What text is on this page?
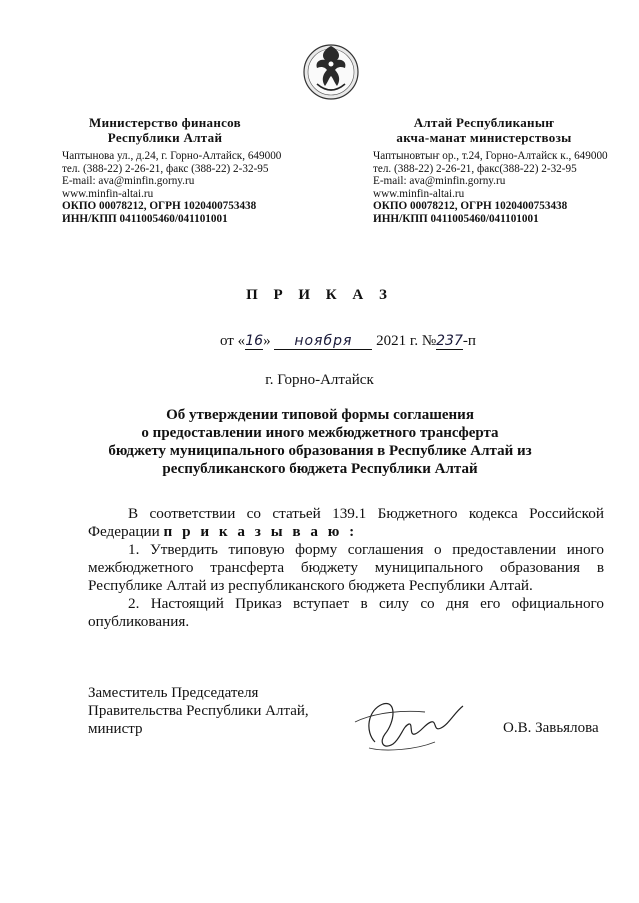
Министерство финансов
Республики Алтай
Чаптынова ул., д.24, г. Горно-Алтайск, 649000
тел. (388-22) 2-26-21, факс (388-22) 2-32-95
E-mail: ava@minfin.gorny.ru
www.minfin-altai.ru
ОКПО 00078212, ОГРН 1020400753438
ИНН/КПП 0411005460/041101001
Алтай Республиканыҥ
акча-манат министерствозы
Чаптыновтыҥ ор., т.24, Горно-Алтайск к., 649000
тел. (388-22) 2-26-21, факс(388-22) 2-32-95
E-mail: ava@minfin.gorny.ru
www.minfin-altai.ru
ОКПО 00078212, ОГРН 1020400753438
ИНН/КПП 0411005460/041101001
П Р И К А З
от «16» ноября 2021 г. №237-п
г. Горно-Алтайск
Об утверждении типовой формы соглашения
о предоставлении иного межбюджетного трансферта
бюджету муниципального образования в Республике Алтай из
республиканского бюджета Республики Алтай

В соответствии со статьей 139.1 Бюджетного кодекса Российской Федерации п р и к а з ы в а ю :

1. Утвердить типовую форму соглашения о предоставлении иного межбюджетного трансферта бюджету муниципального образования в Республике Алтай из республиканского бюджета Республики Алтай.

2. Настоящий Приказ вступает в силу со дня его официального опубликования.

Заместитель Председателя
Правительства Республики Алтай,
министр	О.В. Завьялова
